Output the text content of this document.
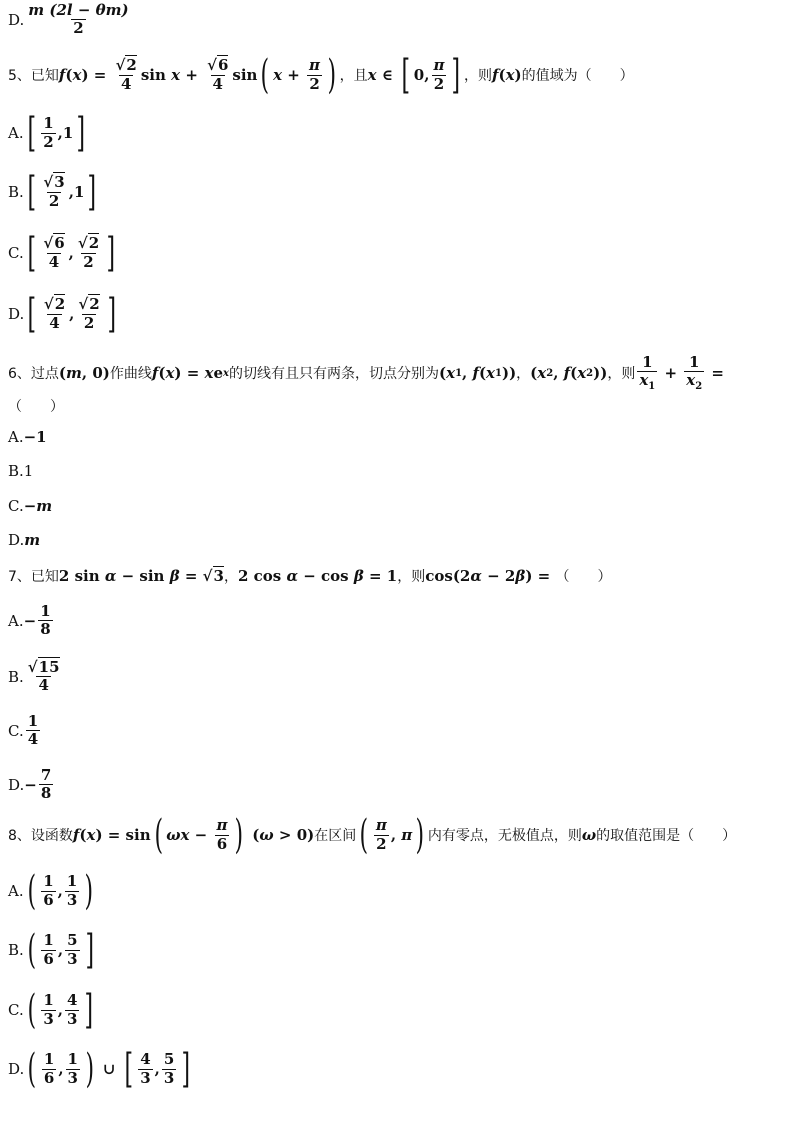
D. $\frac{m (2l - \theta m)}{2}$
5、 已知 f ( x ) = $\frac{√2}{4}$ $\sin x + \frac{√6}{4}$ sin ( $x + \frac{\pi}{2}$ ) ，且 x ∈ [ 0, $\frac{\pi}{2}$ ] ，则 f ( x ) 的值域为（　　）
A. [ $\frac{1}{2}$ , 1 ]
B. [ $\frac{√3}{2}$ , 1 ]
C. [ $\frac{√6}{4}$ , $\frac{√2}{2}$ ]
D. [ $\frac{√2}{4}$ , $\frac{√2}{2}$ ]
6、 过点 ( m , 0) 作曲线 f ( x ) = x e x 的切线有且只有两条，切点分别为 ( x 1 , f ( x 1 )) ， ( x 2 , f ( x 2 )) ，则 $\frac{1}{x_1} + \frac{1}{x_2}$ =
（　　）
A. −1
B. 1
C. −m
D. m
7、 已知 2 sin α − sin β = √3 ， 2 cos α − cos β = 1 ，则 cos(2 α − 2 β ) = （　　）
A. − $\frac{1}{8}$
B. $\frac{√15}{4}$
C. $\frac{1}{4}$
D. − $\frac{7}{8}$
8、 设函数 f ( x ) = sin ( $\omega x - \frac{\pi}{6}$ ) ( ω > 0) 在区间 ( $\frac{\pi}{2}$ , π ) 内有零点，无极值点，则 ω 的取值范围是（　　）
A. ( $\frac{1}{6}$ , $\frac{1}{3}$ )
B. ( $\frac{1}{6}$ , $\frac{5}{3}$ ]
C. ( $\frac{1}{3}$ , $\frac{4}{3}$ ]
D. ( $\frac{1}{6}$ , $\frac{1}{3}$ ) ∪ [ $\frac{4}{3}$ , $\frac{5}{3}$ ]
